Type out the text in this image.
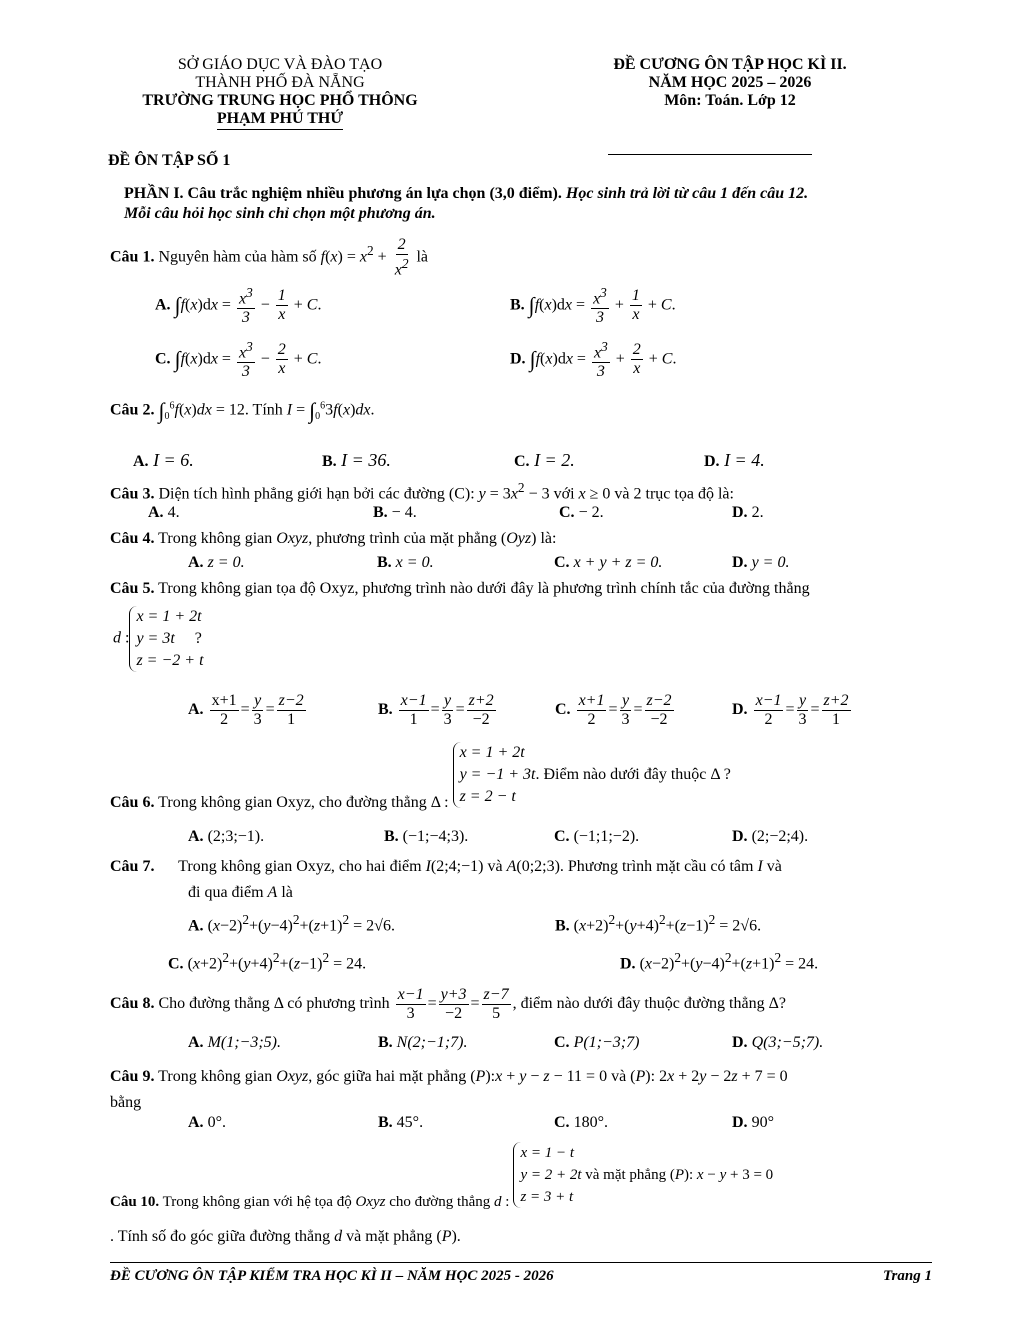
SỞ GIÁO DỤC VÀ ĐÀO TẠO
THÀNH PHỐ ĐÀ NẴNG
TRƯỜNG TRUNG HỌC PHỔ THÔNG
PHẠM PHÚ THỨ
ĐỀ CƯƠNG ÔN TẬP HỌC KÌ II.
NĂM HỌC 2025 – 2026
Môn: Toán. Lớp 12
ĐỀ ÔN TẬP SỐ 1
PHẦN I. Câu trắc nghiệm nhiều phương án lựa chọn (3,0 điểm). Học sinh trả lời từ câu 1 đến câu 12.
Mỗi câu hỏi học sinh chỉ chọn một phương án.
Câu 1. Nguyên hàm của hàm số $f(x) = x^2 + \frac{2}{x^2}$ là
A. $\int f(x)dx = \frac{x^3}{3} - \frac{1}{x} + C$.	B. $\int f(x)dx = \frac{x^3}{3} + \frac{1}{x} + C$.
C. $\int f(x)dx = \frac{x^3}{3} - \frac{2}{x} + C$.	D. $\int f(x)dx = \frac{x^3}{3} + \frac{2}{x} + C$.
Câu 2. $\int_0^6f(x)dx = 12$. Tính $I = \int_0^63f(x)dx$.
A. I = 6.	B. I = 36.	C. I = 2.	D. I = 4.
Câu 3. Diện tích hình phẳng giới hạn bởi các đường (C): $y = 3x^2 - 3$ với x ≥ 0 và 2 trục tọa độ là:
A. 4.	B. − 4.	C. − 2.	D. 2.
Câu 4. Trong không gian Oxyz, phương trình của mặt phẳng (Oyz) là:
A. z = 0.	B. x = 0.	C. x + y + z = 0.	D. y = 0.
Câu 5. Trong không gian tọa độ Oxyz, phương trình nào dưới đây là phương trình chính tắc của đường thẳng
d :
x = 1 + 2t
y = 3t     ?
z = −2 + t
A. $\frac{x+1}{2} = \frac{y}{3} = \frac{z-2}{1}$	B. $\frac{x-1}{1} = \frac{y}{3} = \frac{z+2}{-2}$	C. $\frac{x+1}{2} = \frac{y}{3} = \frac{z-2}{-2}$	D. $\frac{x-1}{2} = \frac{y}{3} = \frac{z+2}{1}$
Câu 6. Trong không gian Oxyz, cho đường thẳng Δ :
x = 1 + 2t
y = −1 + 3t. Điểm nào dưới đây thuộc Δ ?
z = 2 − t
A. (2;3;−1).	B. (−1;−4;3).	C. (−1;1;−2).	D. (2;−2;4).
Câu 7. Trong không gian Oxyz, cho hai điểm I(2;4;−1) và A(0;2;3). Phương trình mặt cầu có tâm I và
đi qua điểm A là
A. $(x-2)^2+(y-4)^2+(z+1)^2 = 2√6$.	B. $(x+2)^2+(y+4)^2+(z-1)^2 = 2√6$.
C. $(x+2)^2+(y+4)^2+(z-1)^2 = 24$.	D. $(x-2)^2+(y-4)^2+(z+1)^2 = 24$.
Câu 8. Cho đường thẳng Δ có phương trình $\frac{x-1}{3} = \frac{y+3}{-2} = \frac{z-7}{5}$ , điểm nào dưới đây thuộc đường thẳng Δ?
A. M(1;−3;5).	B. N(2;−1;7).	C. P(1;−3;7)	D. Q(3;−5;7).
Câu 9. Trong không gian Oxyz, góc giữa hai mặt phẳng (P):x + y − z − 11 = 0 và (P): 2x + 2y − 2z + 7 = 0
bằng
A. 0°.	B. 45°.	C. 180°.	D. 90°
Câu 10. Trong không gian với hệ tọa độ Oxyz cho đường thẳng d :
x = 1 − t
y = 2 + 2t và mặt phẳng (P): x − y + 3 = 0
z = 3 + t
. Tính số đo góc giữa đường thẳng d và mặt phẳng (P).
ĐỀ CƯƠNG ÔN TẬP KIỂM TRA HỌC KÌ II – NĂM HỌC 2025 - 2026	Trang 1
